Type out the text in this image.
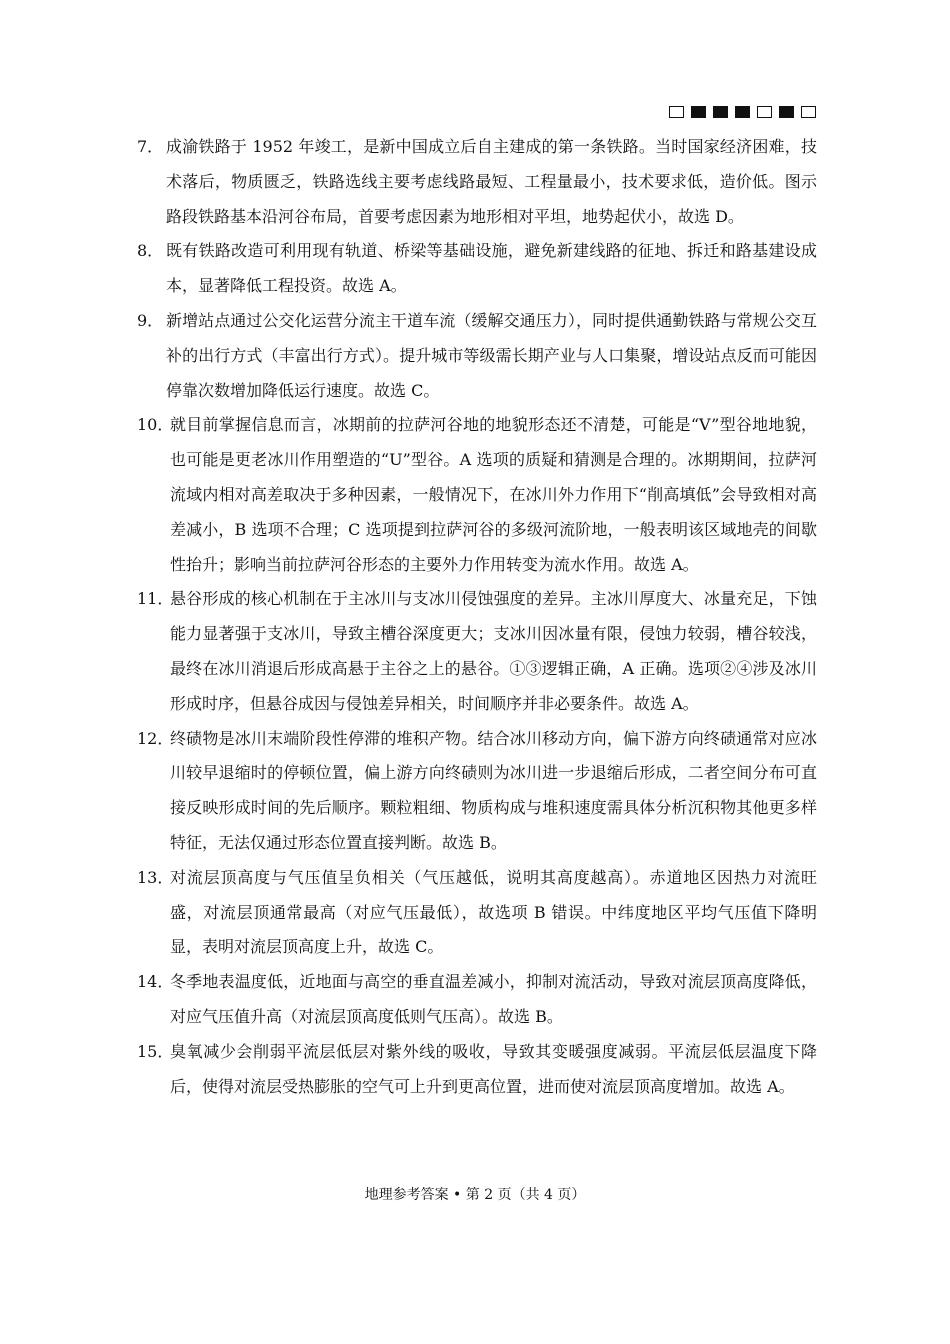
7． 成渝铁路于 1952 年竣工，是新中国成立后自主建成的第一条铁路。当时国家经济困难，技术落后，物质匮乏，铁路选线主要考虑线路最短、工程量最小，技术要求低，造价低。图示路段铁路基本沿河谷布局，首要考虑因素为地形相对平坦，地势起伏小，故选 D。
8． 既有铁路改造可利用现有轨道、桥梁等基础设施，避免新建线路的征地、拆迁和路基建设成本，显著降低工程投资。故选 A。
9． 新增站点通过公交化运营分流主干道车流（缓解交通压力），同时提供通勤铁路与常规公交互补的出行方式（丰富出行方式）。提升城市等级需长期产业与人口集聚，增设站点反而可能因停靠次数增加降低运行速度。故选 C。
10．
就目前掌握信息而言，冰期前的拉萨河谷地的地貌形态还不清楚，可能是“V”型谷地地貌，也可能是更老冰川作用塑造的“U”型谷。A 选项的质疑和猜测是合理的。冰期期间，拉萨河流域内相对高差取决于多种因素，一般情况下，在冰川外力作用下“削高填低”会导致相对高差减小，B 选项不合理；C 选项提到拉萨河谷的多级河流阶地，一般表明该区域地壳的间歇性抬升；影响当前拉萨河谷形态的主要外力作用转变为流水作用。故选 A。
11．
悬谷形成的核心机制在于主冰川与支冰川侵蚀强度的差异。主冰川厚度大、冰量充足，下蚀能力显著强于支冰川，导致主槽谷深度更大；支冰川因冰量有限，侵蚀力较弱，槽谷较浅，最终在冰川消退后形成高悬于主谷之上的悬谷。①③逻辑正确，A 正确。选项②④涉及冰川形成时序，但悬谷成因与侵蚀差异相关，时间顺序并非必要条件。故选 A。
12．
终碛物是冰川末端阶段性停滞的堆积产物。结合冰川移动方向，偏下游方向终碛通常对应冰川较早退缩时的停顿位置，偏上游方向终碛则为冰川进一步退缩后形成，二者空间分布可直接反映形成时间的先后顺序。颗粒粗细、物质构成与堆积速度需具体分析沉积物其他更多样特征，无法仅通过形态位置直接判断。故选 B。
13．
对流层顶高度与气压值呈负相关（气压越低，说明其高度越高）。赤道地区因热力对流旺盛，对流层顶通常最高（对应气压最低），故选项 B 错误。中纬度地区平均气压值下降明显，表明对流层顶高度上升，故选 C。
14．
冬季地表温度低，近地面与高空的垂直温差减小，抑制对流活动，导致对流层顶高度降低，对应气压值升高（对流层顶高度低则气压高）。故选 B。
15．
臭氧减少会削弱平流层低层对紫外线的吸收，导致其变暖强度减弱。平流层低层温度下降后，使得对流层受热膨胀的空气可上升到更高位置，进而使对流层顶高度增加。故选 A。
地理参考答案 • 第 2 页（共 4 页）
